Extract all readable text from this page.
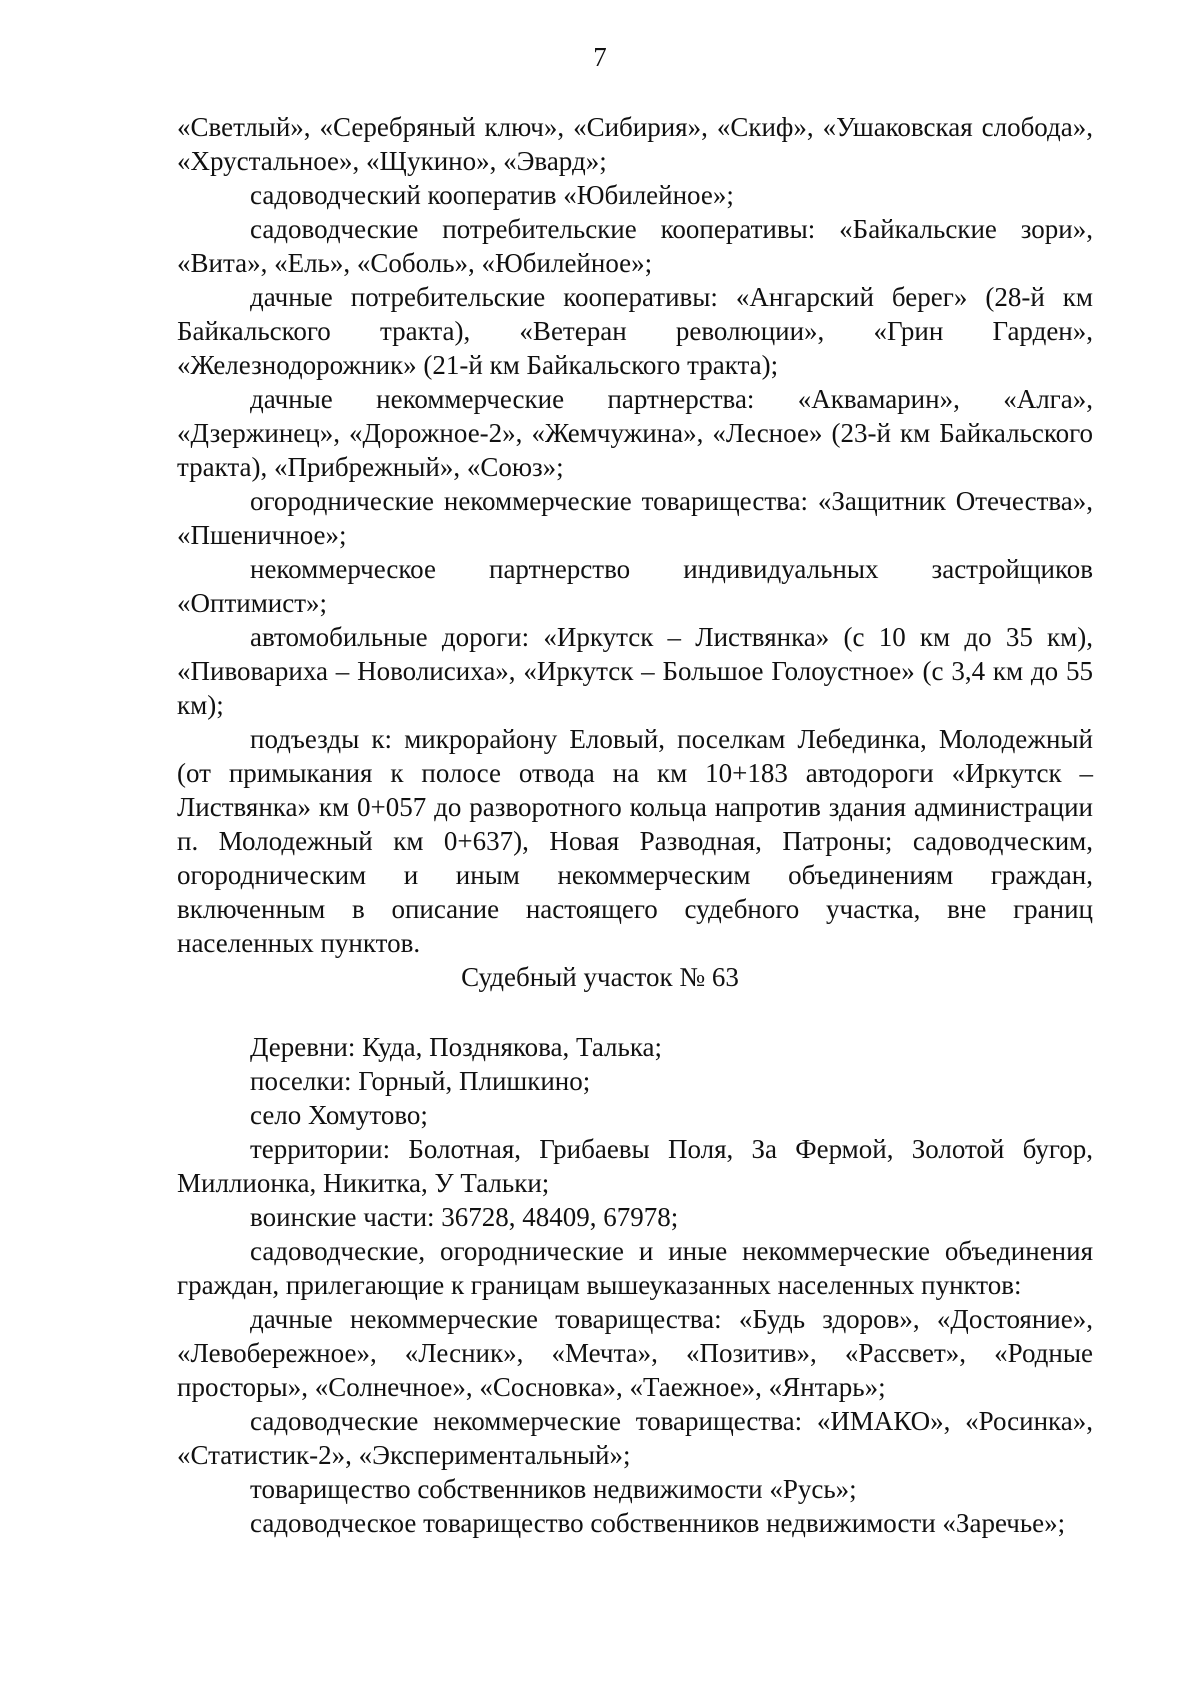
7

«Светлый», «Серебряный ключ», «Сибирия», «Скиф», «Ушаковская слобода», «Хрустальное», «Щукино», «Эвард»;

садоводческий кооператив «Юбилейное»;

садоводческие потребительские кооперативы: «Байкальские зори», «Вита», «Ель», «Соболь», «Юбилейное»;

дачные потребительские кооперативы: «Ангарский берег» (28-й км Байкальского тракта), «Ветеран революции», «Грин Гарден», «Железнодорожник» (21-й км Байкальского тракта);

дачные некоммерческие партнерства: «Аквамарин», «Алга», «Дзержинец», «Дорожное-2», «Жемчужина», «Лесное» (23-й км Байкальского тракта), «Прибрежный», «Союз»;

огороднические некоммерческие товарищества: «Защитник Отечества», «Пшеничное»;

некоммерческое партнерство индивидуальных застройщиков «Оптимист»;

автомобильные дороги: «Иркутск – Листвянка» (с 10 км до 35 км), «Пивовариха – Новолисиха», «Иркутск – Большое Голоустное» (с 3,4 км до 55 км);

подъезды к: микрорайону Еловый, поселкам Лебединка, Молодежный (от примыкания к полосе отвода на км 10+183 автодороги «Иркутск – Листвянка» км 0+057 до разворотного кольца напротив здания администрации п. Молодежный км 0+637), Новая Разводная, Патроны; садоводческим, огородническим и иным некоммерческим объединениям граждан, включенным в описание настоящего судебного участка, вне границ населенных пунктов.

Судебный участок № 63

Деревни: Куда, Позднякова, Талька;

поселки: Горный, Плишкино;

село Хомутово;

территории: Болотная, Грибаевы Поля, За Фермой, Золотой бугор, Миллионка, Никитка, У Тальки;

воинские части: 36728, 48409, 67978;

садоводческие, огороднические и иные некоммерческие объединения граждан, прилегающие к границам вышеуказанных населенных пунктов:

дачные некоммерческие товарищества: «Будь здоров», «Достояние», «Левобережное», «Лесник», «Мечта», «Позитив», «Рассвет», «Родные просторы», «Солнечное», «Сосновка», «Таежное», «Янтарь»;

садоводческие некоммерческие товарищества: «ИМАКО», «Росинка», «Статистик-2», «Экспериментальный»;

товарищество собственников недвижимости «Русь»;

садоводческое товарищество собственников недвижимости «Заречье»;
